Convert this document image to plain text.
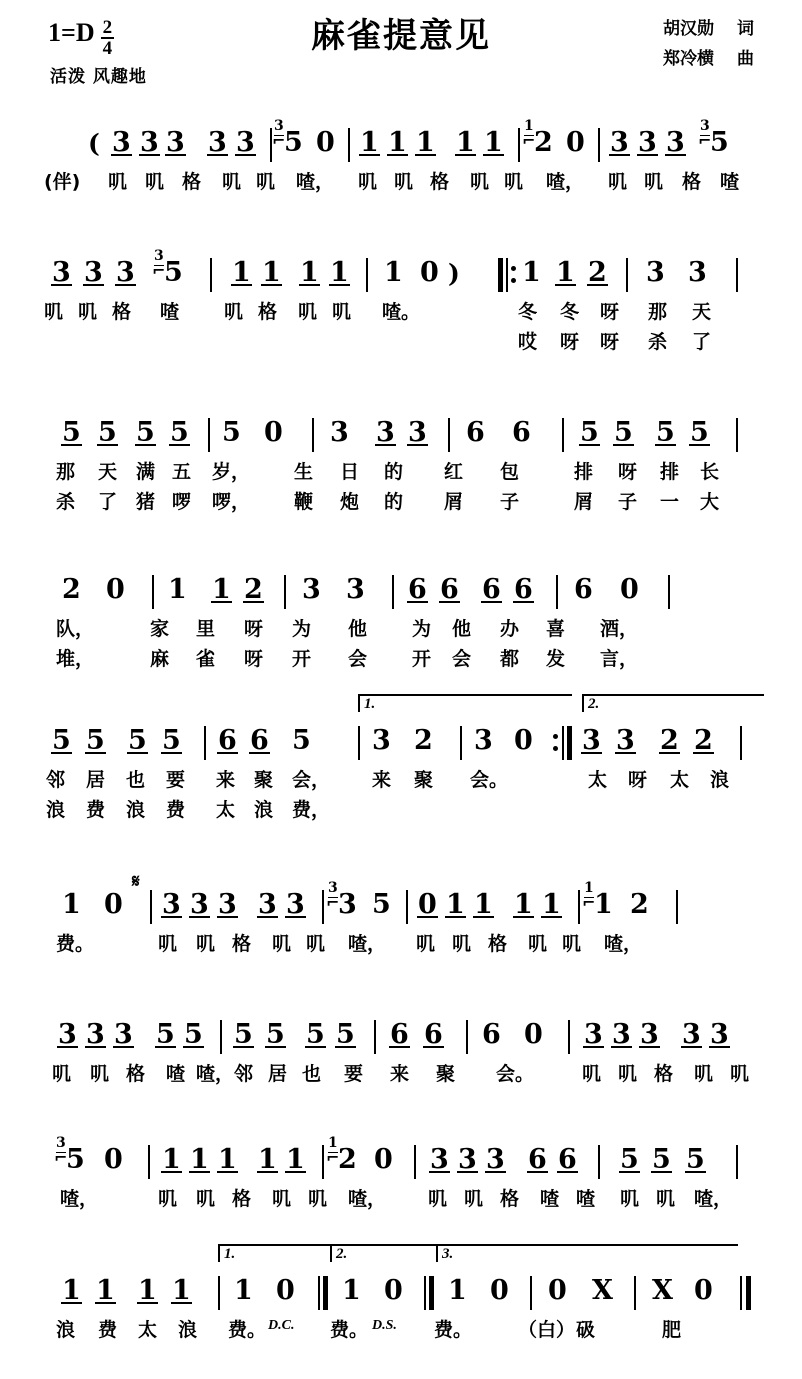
麻雀提意见
$1=D \frac{2}{4}$
活泼 风趣地
胡汉勋 词
郑冷横 曲
( 3 3 3 3 3
3
⌐
5 0 1 1 1 1 1
1
⌐
2 0 3 3 3
3
⌐
5
(伴) 叽 叽 格 叽 叽 喳， 叽 叽 格 叽 叽 喳， 叽 叽 格 喳
3 3 3
3
⌐
5 1 1 1 1 1 0 ) 1 1 2 3 3
叽 叽 格 喳 叽 格 叽 叽 喳。	冬 冬 呀 那 天
哎 呀 呀 杀 了
5 5 5 5 5 0 3 3 3 6 6 5 5 5 5
那 天 满 五 岁， 生 日 的 红 包	排 呀 排 长
杀 了 猪 啰 啰， 鞭 炮 的 屑 子	屑 子 一 大
2 0 1 1 2 3 3 6 6 6 6 6 0
队，	家 里 呀 为 他 为 他 办 喜 酒，
堆，	麻 雀 呀 开 会 开 会 都 发 言，
1.	2.
5 5 5 5 6 6 5 3 2 3 0 3 3 2 2
邻 居 也 要 来 聚 会， 来 聚 会。	太 呀 太 浪
浪 费 浪 费 太 浪 费，
1 0
𝄋
3 3 3 3 3
3
⌐
3 5 0 1 1 1 1
1
⌐
1 2
费。	叽 叽 格 叽 叽 喳， 叽 叽 格 叽 叽 喳，
3 3 3 5 5 5 5 5 5 6 6 6 0 3 3 3 3 3
叽 叽 格 喳 喳， 邻 居 也 要 来 聚 会。	叽 叽 格 叽 叽
3
⌐
5 0 1 1 1 1 1
1
⌐
2 0 3 3 3 6 6 5 5 5
喳，	叽 叽 格 叽 叽 喳， 叽 叽 格 喳 喳 叽 叽 喳，
1.	2.	3.
1 1 1 1 1 0 1 0 1 0 0 X X 0
浪 费 太 浪 费。 D.C. 费。 D.S. 费。 （白） 砐	肥
